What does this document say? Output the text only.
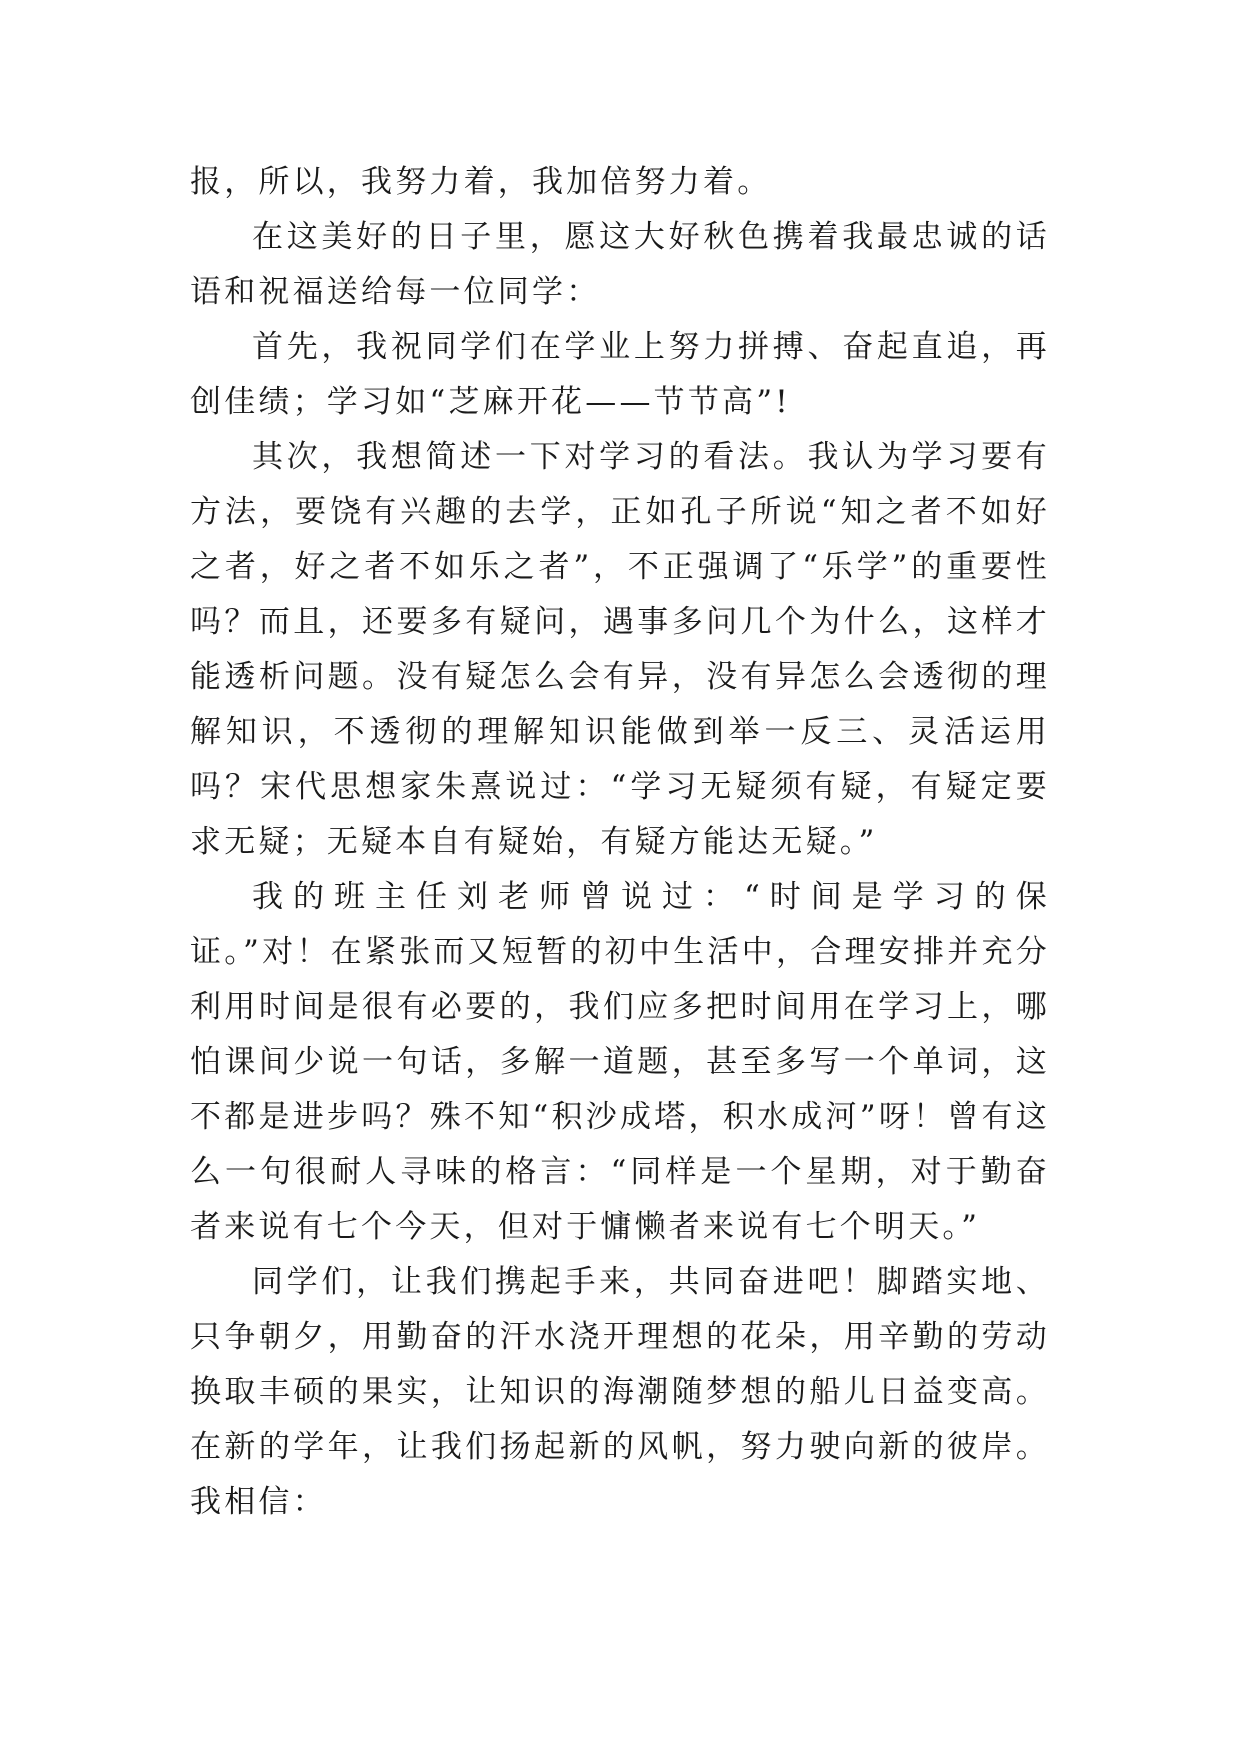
报，所以，我努力着，我加倍努力着。

在这美好的日子里，愿这大好秋色携着我最忠诚的话语和祝福送给每一位同学：

首先，我祝同学们在学业上努力拼搏、奋起直追，再创佳绩；学习如“芝麻开花——节节高”!

其次，我想简述一下对学习的看法。我认为学习要有方法，要饶有兴趣的去学，正如孔子所说“知之者不如好之者，好之者不如乐之者”，不正强调了“乐学”的重要性吗？而且，还要多有疑问，遇事多问几个为什么，这样才能透析问题。没有疑怎么会有异，没有异怎么会透彻的理解知识，不透彻的理解知识能做到举一反三、灵活运用吗？宋代思想家朱熹说过：“学习无疑须有疑，有疑定要求无疑；无疑本自有疑始，有疑方能达无疑。”

我的班主任刘老师曾说过：“时间是学习的保证。”对！在紧张而又短暂的初中生活中，合理安排并充分利用时间是很有必要的，我们应多把时间用在学习上，哪怕课间少说一句话，多解一道题，甚至多写一个单词，这不都是进步吗？殊不知“积沙成塔，积水成河”呀！曾有这么一句很耐人寻味的格言：“同样是一个星期，对于勤奋者来说有七个今天，但对于慵懒者来说有七个明天。”

同学们，让我们携起手来，共同奋进吧！脚踏实地、只争朝夕，用勤奋的汗水浇开理想的花朵，用辛勤的劳动换取丰硕的果实，让知识的海潮随梦想的船儿日益变高。在新的学年，让我们扬起新的风帆，努力驶向新的彼岸。我相信：
